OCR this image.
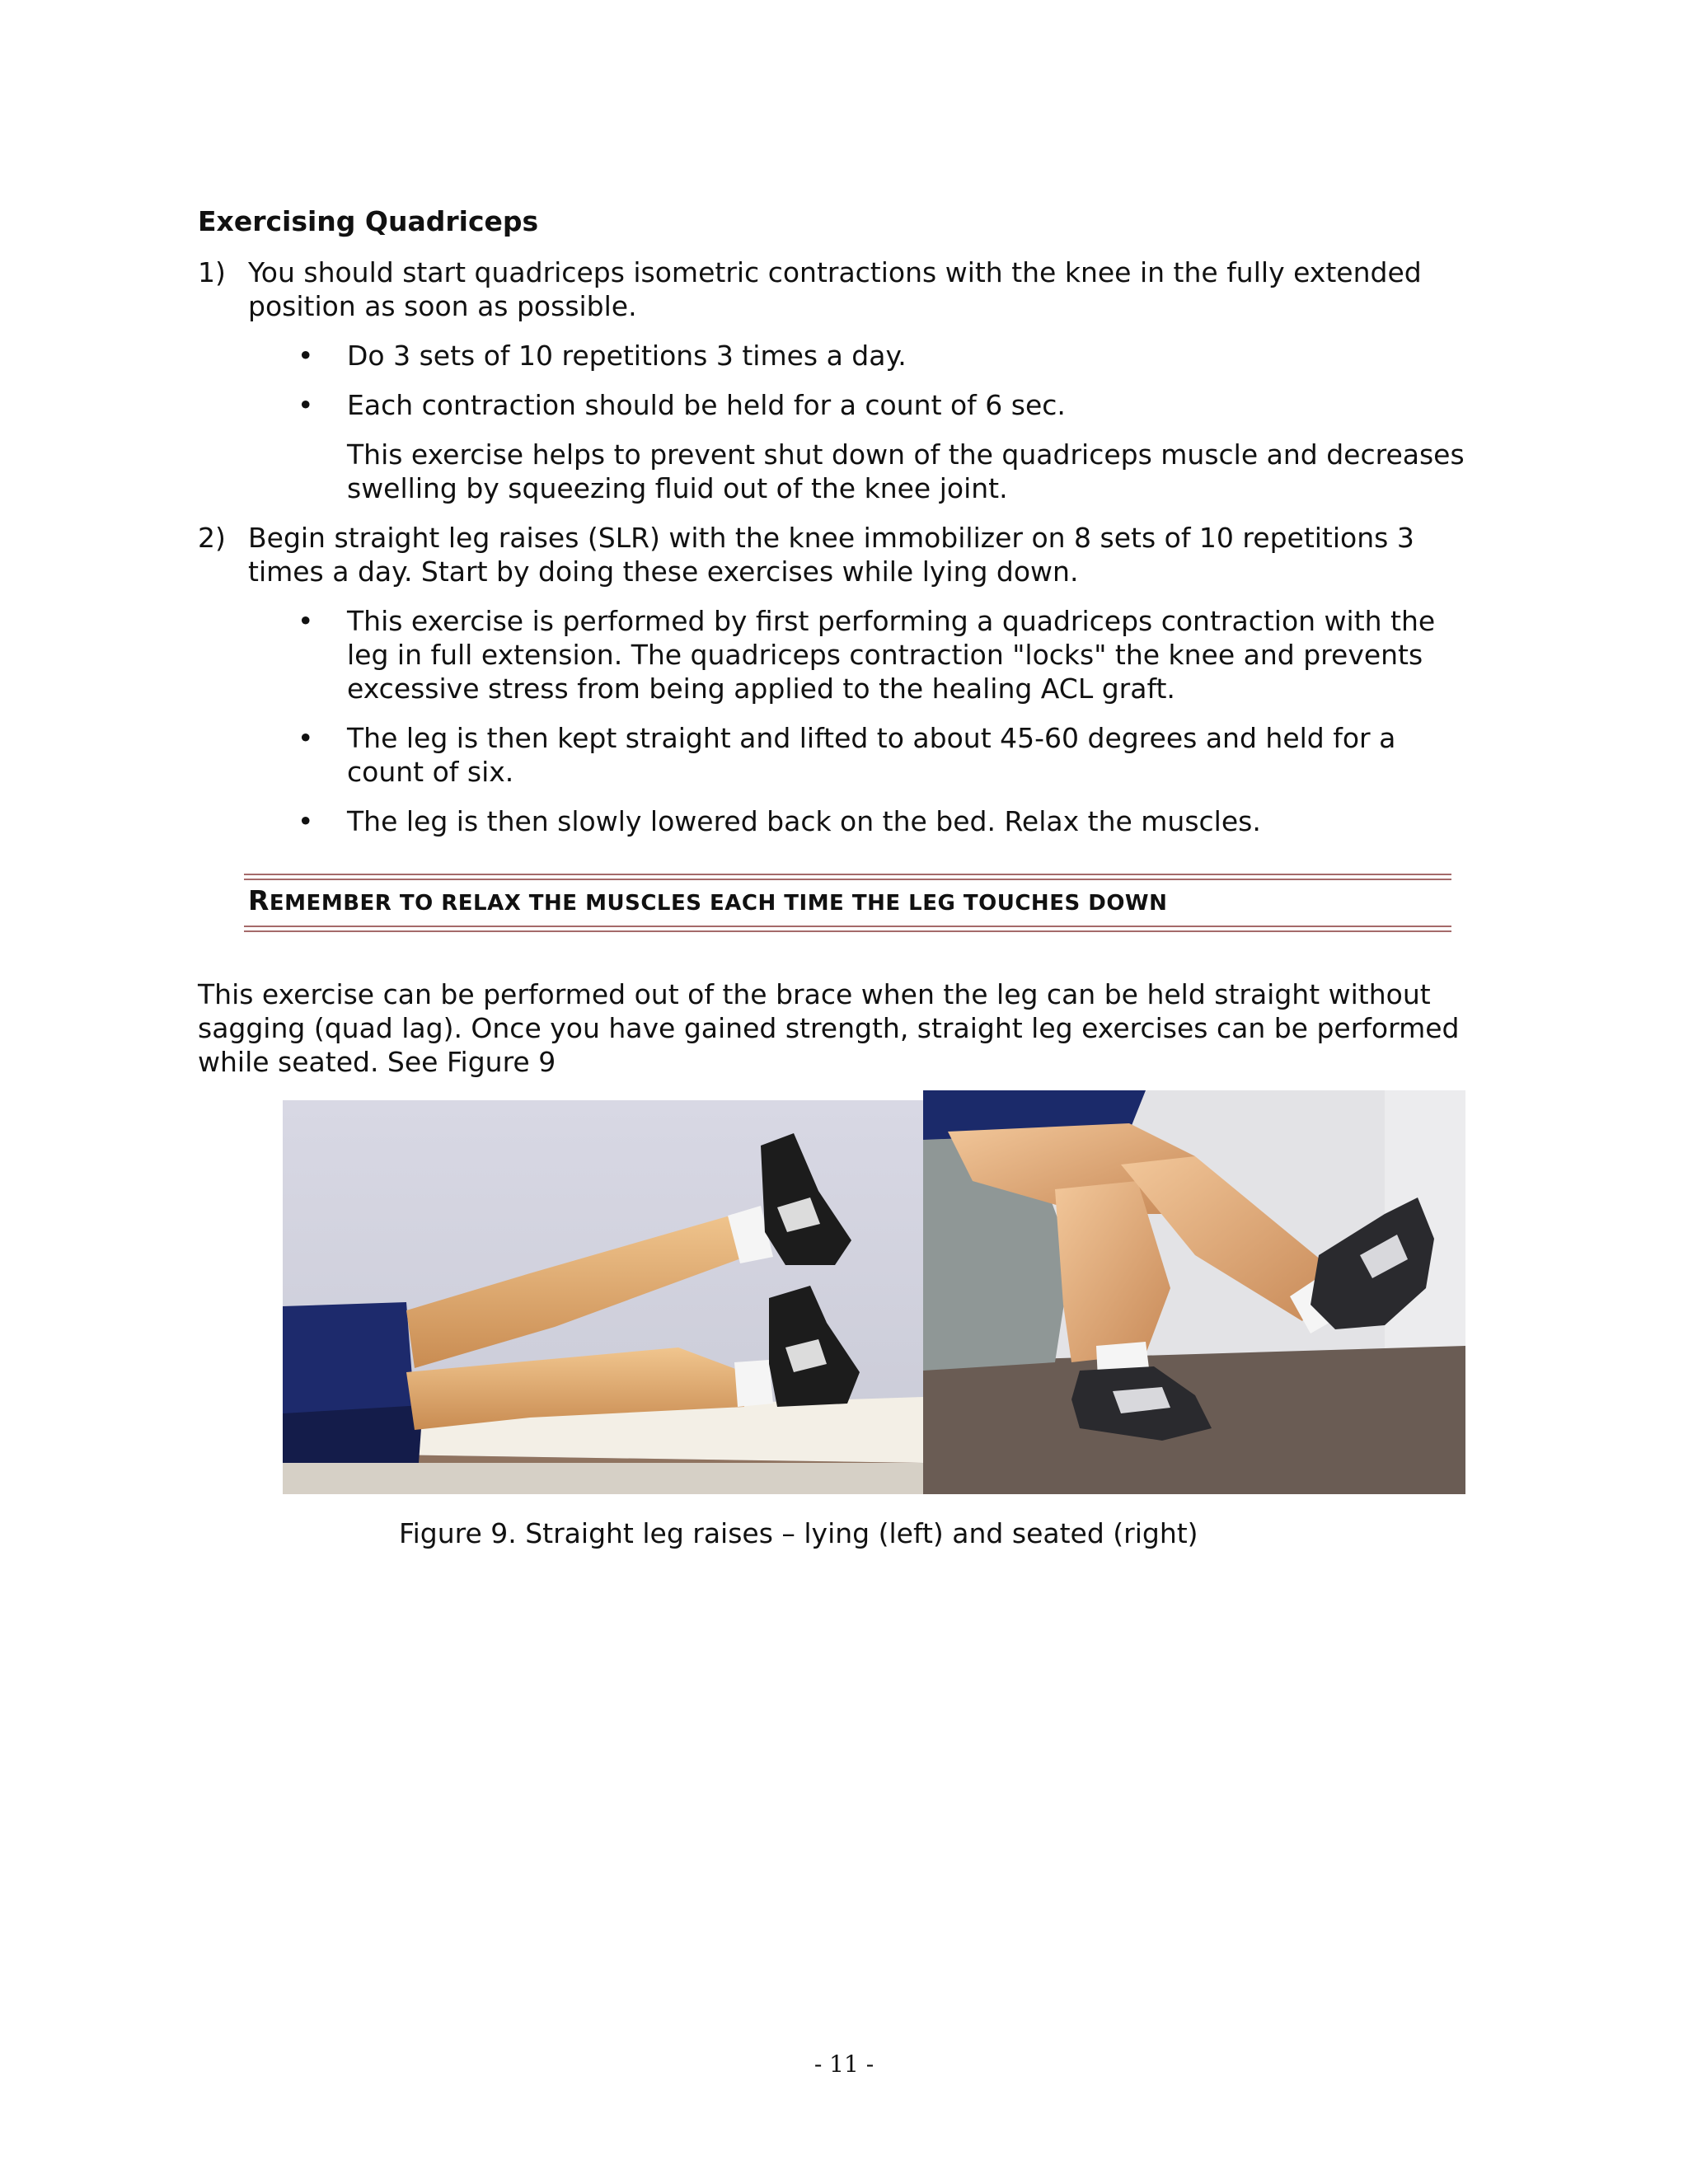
Exercising Quadriceps
1) You should start quadriceps isometric contractions with the knee in the fully extended
position as soon as possible.
• Do 3 sets of 10 repetitions 3 times a day.
• Each contraction should be held for a count of 6 sec.
This exercise helps to prevent shut down of the quadriceps muscle and decreases
swelling by squeezing fluid out of the knee joint.
2) Begin straight leg raises (SLR) with the knee immobilizer on 8 sets of 10 repetitions 3
times a day. Start by doing these exercises while lying down.
• This exercise is performed by first performing a quadriceps contraction with the
leg in full extension. The quadriceps contraction "locks" the knee and prevents
excessive stress from being applied to the healing ACL graft.
• The leg is then kept straight and lifted to about 45-60 degrees and held for a
count of six.
• The leg is then slowly lowered back on the bed. Relax the muscles.

REMEMBER TO RELAX THE MUSCLES EACH TIME THE LEG TOUCHES DOWN

This exercise can be performed out of the brace when the leg can be held straight without
sagging (quad lag). Once you have gained strength, straight leg exercises can be performed
while seated. See Figure 9

Figure 9. Straight leg raises – lying (left) and seated (right)

- 11 -
